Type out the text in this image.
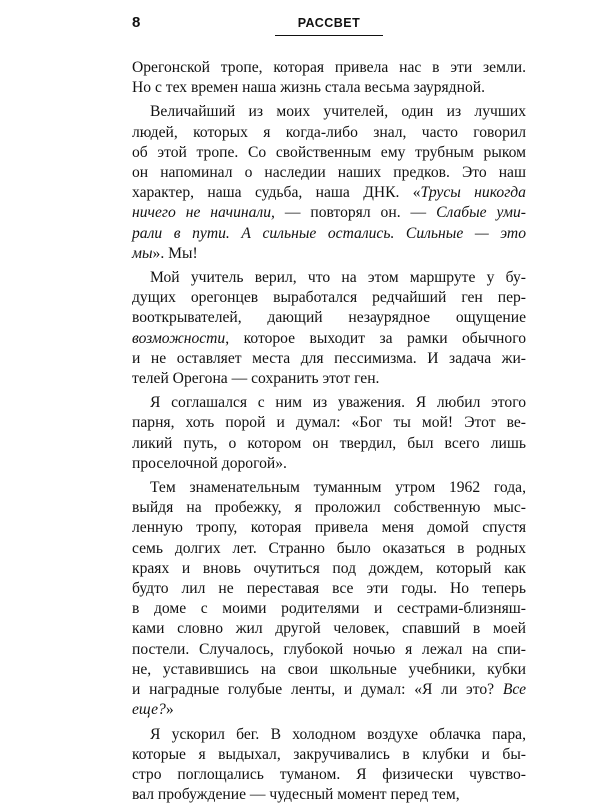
8	РАССВЕТ
Орегонской тропе, которая привела нас в эти земли.
Но с тех времен наша жизнь стала весьма заурядной.
Величайший из моих учителей, один из лучших
людей, которых я когда-либо знал, часто говорил
об этой тропе. Со свойственным ему трубным рыком
он напоминал о наследии наших предков. Это наш
характер, наша судьба, наша ДНК. «Трусы никогда
ничего не начинали, — повторял он. — Слабые уми-
рали в пути. А сильные остались. Сильные — это
мы». Мы!
Мой учитель верил, что на этом маршруте у бу-
дущих орегонцев выработался редчайший ген пер-
вооткрывателей, дающий незаурядное ощущение
возможности, которое выходит за рамки обычного
и не оставляет места для пессимизма. И задача жи-
телей Орегона — сохранить этот ген.
Я соглашался с ним из уважения. Я любил этого
парня, хоть порой и думал: «Бог ты мой! Этот ве-
ликий путь, о котором он твердил, был всего лишь
проселочной дорогой».
Тем знаменательным туманным утром 1962 года,
выйдя на пробежку, я проложил собственную мыс-
ленную тропу, которая привела меня домой спустя
семь долгих лет. Странно было оказаться в родных
краях и вновь очутиться под дождем, который как
будто лил не переставая все эти годы. Но теперь
в доме с моими родителями и сестрами-близняш-
ками словно жил другой человек, спавший в моей
постели. Случалось, глубокой ночью я лежал на спи-
не, уставившись на свои школьные учебники, кубки
и наградные голубые ленты, и думал: «Я ли это? Все
еще?»
Я ускорил бег. В холодном воздухе облачка пара,
которые я выдыхал, закручивались в клубки и бы-
стро поглощались туманом. Я физически чувство-
вал пробуждение — чудесный момент перед тем,
